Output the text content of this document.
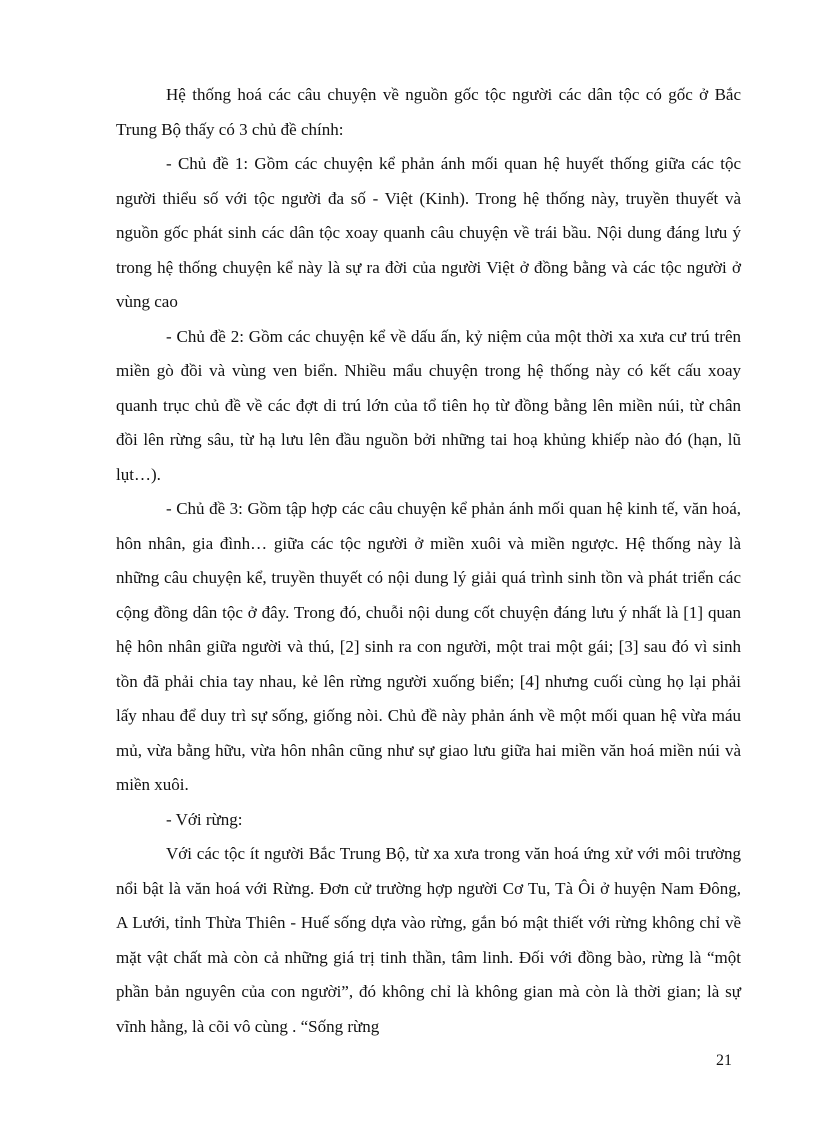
Hệ thống hoá các câu chuyện về nguồn gốc tộc người các dân tộc có gốc ở Bắc Trung Bộ thấy có 3 chủ đề chính:

- Chủ đề 1: Gồm các chuyện kể phản ánh mối quan hệ huyết thống giữa các tộc người thiểu số với tộc người đa số - Việt (Kinh). Trong hệ thống này, truyền thuyết và nguồn gốc phát sinh các dân tộc xoay quanh câu chuyện về trái bầu. Nội dung đáng lưu ý trong hệ thống chuyện kể này là sự ra đời của người Việt ở đồng bằng và các tộc người ở vùng cao

- Chủ đề 2: Gồm các chuyện kể về dấu ấn, kỷ niệm của một thời xa xưa cư trú trên miền gò đồi và vùng ven biển. Nhiều mẩu chuyện trong hệ thống này có kết cấu xoay quanh trục chủ đề về các đợt di trú lớn của tổ tiên họ từ đồng bằng lên miền núi, từ chân đồi lên rừng sâu, từ hạ lưu lên đầu nguồn bởi những tai hoạ khủng khiếp nào đó (hạn, lũ lụt…).

- Chủ đề 3: Gồm tập hợp các câu chuyện kể phản ánh mối quan hệ kinh tế, văn hoá, hôn nhân, gia đình… giữa các tộc người ở miền xuôi và miền ngược. Hệ thống này là những câu chuyện kể, truyền thuyết có nội dung lý giải quá trình sinh tồn và phát triển các cộng đồng dân tộc ở đây. Trong đó, chuỗi nội dung cốt chuyện đáng lưu ý nhất là [1] quan hệ hôn nhân giữa người và thú, [2] sinh ra con người, một trai một gái; [3] sau đó vì sinh tồn đã phải chia tay nhau, kẻ lên rừng người xuống biển; [4] nhưng cuối cùng họ lại phải lấy nhau để duy trì sự sống, giống nòi. Chủ đề này phản ánh về một mối quan hệ vừa máu mủ, vừa bằng hữu, vừa hôn nhân cũng như sự giao lưu giữa hai miền văn hoá miền núi và miền xuôi.

- Với rừng:

Với các tộc ít người Bắc Trung Bộ, từ xa xưa trong văn hoá ứng xử với môi trường nổi bật là văn hoá với Rừng. Đơn cử trường hợp người Cơ Tu, Tà Ôi ở huyện Nam Đông, A Lưới, tỉnh Thừa Thiên - Huế sống dựa vào rừng, gắn bó mật thiết với rừng không chỉ về mặt vật chất mà còn cả những giá trị tinh thần, tâm linh. Đối với đồng bào, rừng là “một phần bản nguyên của con người”, đó không chỉ là không gian mà còn là thời gian; là sự vĩnh hằng, là cõi vô cùng . “Sống rừng

21
